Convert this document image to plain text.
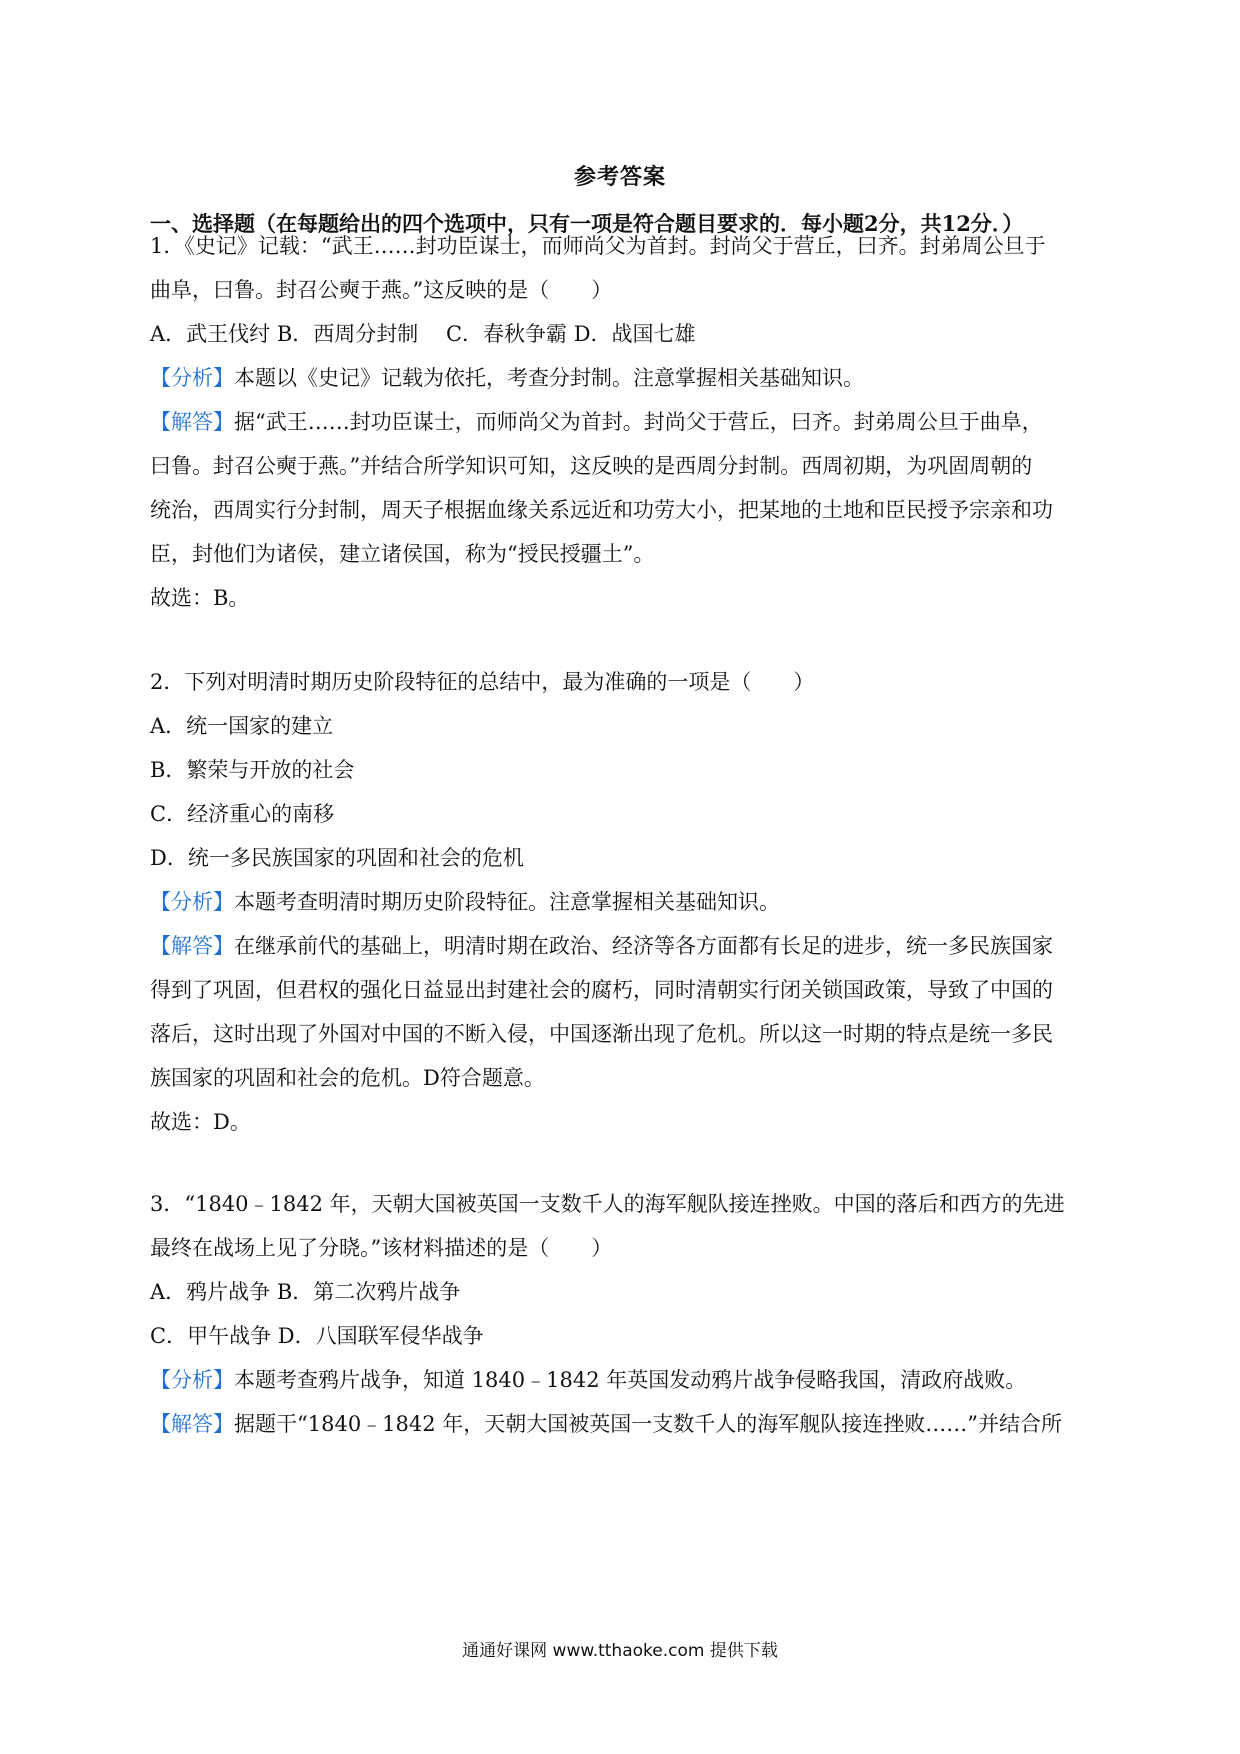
参考答案
一、选择题（在每题给出的四个选项中，只有一项是符合题目要求的．每小题2分，共12分．）
1．《史记》记载：“武王……封功臣谋士，而师尚父为首封。封尚父于营丘，曰齐。封弟周公旦于
曲阜，曰鲁。封召公奭于燕。”这反映的是（　　）
A．武王伐纣 B．西周分封制　 C．春秋争霸 D．战国七雄
【分析】本题以《史记》记载为依托，考查分封制。注意掌握相关基础知识。
【解答】据“武王……封功臣谋士，而师尚父为首封。封尚父于营丘，曰齐。封弟周公旦于曲阜，
曰鲁。封召公奭于燕。”并结合所学知识可知，这反映的是西周分封制。西周初期，为巩固周朝的
统治，西周实行分封制，周天子根据血缘关系远近和功劳大小，把某地的土地和臣民授予宗亲和功
臣，封他们为诸侯，建立诸侯国，称为“授民授疆土”。
故选：B。
2．下列对明清时期历史阶段特征的总结中，最为准确的一项是（　　）
A．统一国家的建立
B．繁荣与开放的社会
C．经济重心的南移
D．统一多民族国家的巩固和社会的危机
【分析】本题考查明清时期历史阶段特征。注意掌握相关基础知识。
【解答】在继承前代的基础上，明清时期在政治、经济等各方面都有长足的进步，统一多民族国家
得到了巩固，但君权的强化日益显出封建社会的腐朽，同时清朝实行闭关锁国政策，导致了中国的
落后，这时出现了外国对中国的不断入侵，中国逐渐出现了危机。所以这一时期的特点是统一多民
族国家的巩固和社会的危机。D符合题意。
故选：D。
3．“1840﹣1842 年，天朝大国被英国一支数千人的海军舰队接连挫败。中国的落后和西方的先进
最终在战场上见了分晓。”该材料描述的是（　　）
A．鸦片战争 B．第二次鸦片战争
C．甲午战争 D．八国联军侵华战争
【分析】本题考查鸦片战争，知道 1840﹣1842 年英国发动鸦片战争侵略我国，清政府战败。
【解答】据题干“1840﹣1842 年，天朝大国被英国一支数千人的海军舰队接连挫败……”并结合所
通通好课网 www.tthaoke.com 提供下载
